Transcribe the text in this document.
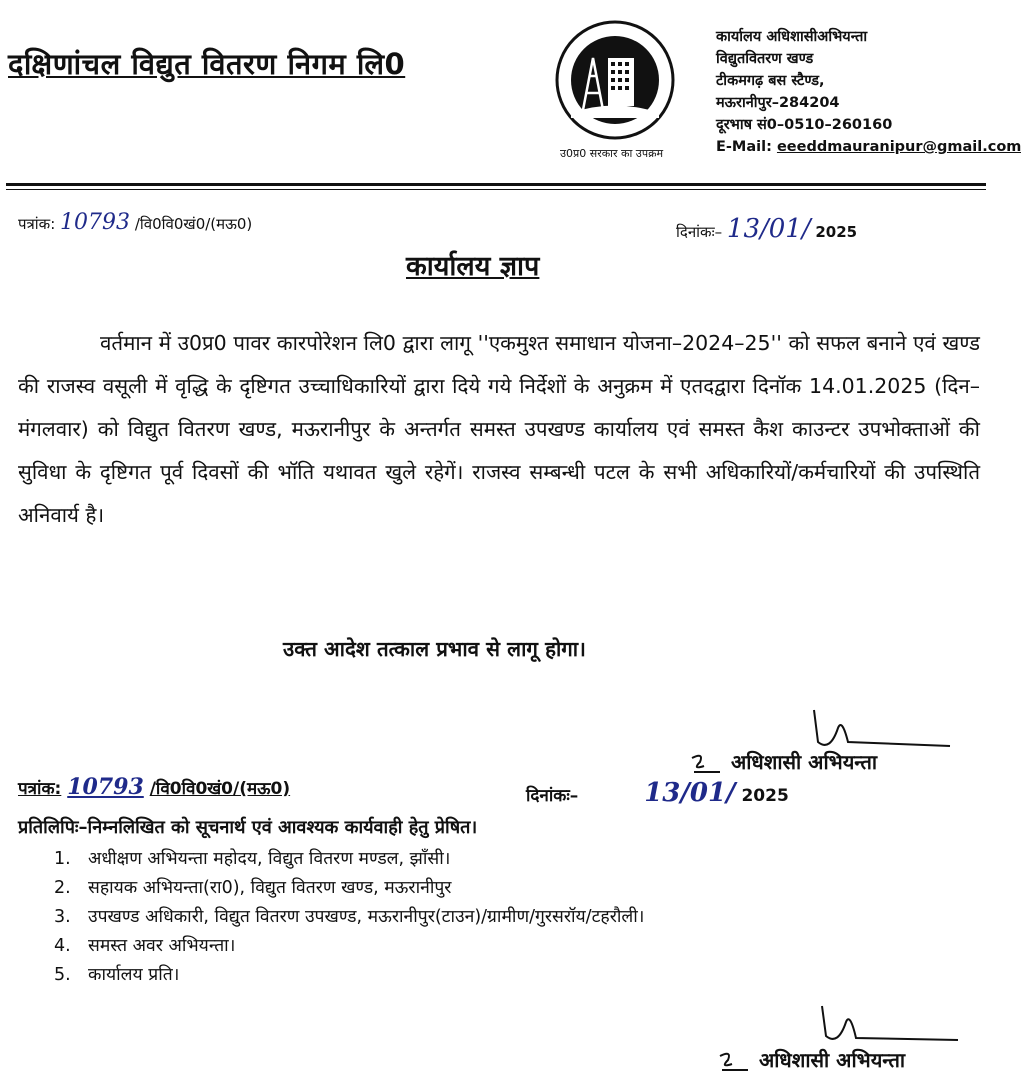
दक्षिणांचल विद्युत वितरण निगम लि0
उ0प्र0 सरकार का उपक्रम
कार्यालय अधिशासीअभियन्ता
विद्युतवितरण खण्ड
टीकमगढ़ बस स्टैण्ड,
मऊरानीपुर–284204
दूरभाष सं0–0510–260160
E-Mail: eeeddmauranipur@gmail.com
पत्रांक: 10793 /वि0वि0खं0/(मऊ0)	दिनांकः– 13/01/ 2025
कार्यालय ज्ञाप
वर्तमान में उ0प्र0 पावर कारपोरेशन लि0 द्वारा लागू ''एकमुश्त समाधान योजना–2024–25'' को सफल बनाने एवं खण्ड की राजस्व वसूली में वृद्धि के दृष्टिगत उच्चाधिकारियों द्वारा दिये गये निर्देशों के अनुक्रम में एतदद्वारा दिनॉक 14.01.2025 (दिन–मंगलवार) को विद्युत वितरण खण्ड, मऊरानीपुर के अन्तर्गत समस्त उपखण्ड कार्यालय एवं समस्त कैश काउन्टर उपभोक्ताओं की सुविधा के दृष्टिगत पूर्व दिवसों की भॉति यथावत खुले रहेगें। राजस्व सम्बन्धी पटल के सभी अधिकारियों/कर्मचारियों की उपस्थिति अनिवार्य है।
उक्त आदेश तत्काल प्रभाव से लागू होगा।
अधिशासी अभियन्ता
पत्रांक: 10793 /वि0वि0खं0/(मऊ0)	दिनांकः–	13/01/ 2025
प्रतिलिपिः–निम्नलिखित को सूचनार्थ एवं आवश्यक कार्यवाही हेतु प्रेषित।
1. अधीक्षण अभियन्ता महोदय, विद्युत वितरण मण्डल, झाँसी।
2. सहायक अभियन्ता(रा0), विद्युत वितरण खण्ड, मऊरानीपुर
3. उपखण्ड अधिकारी, विद्युत वितरण उपखण्ड, मऊरानीपुर(टाउन)/ग्रामीण/गुरसरॉय/टहरौली।
4. समस्त अवर अभियन्ता।
5. कार्यालय प्रति।
अधिशासी अभियन्ता
